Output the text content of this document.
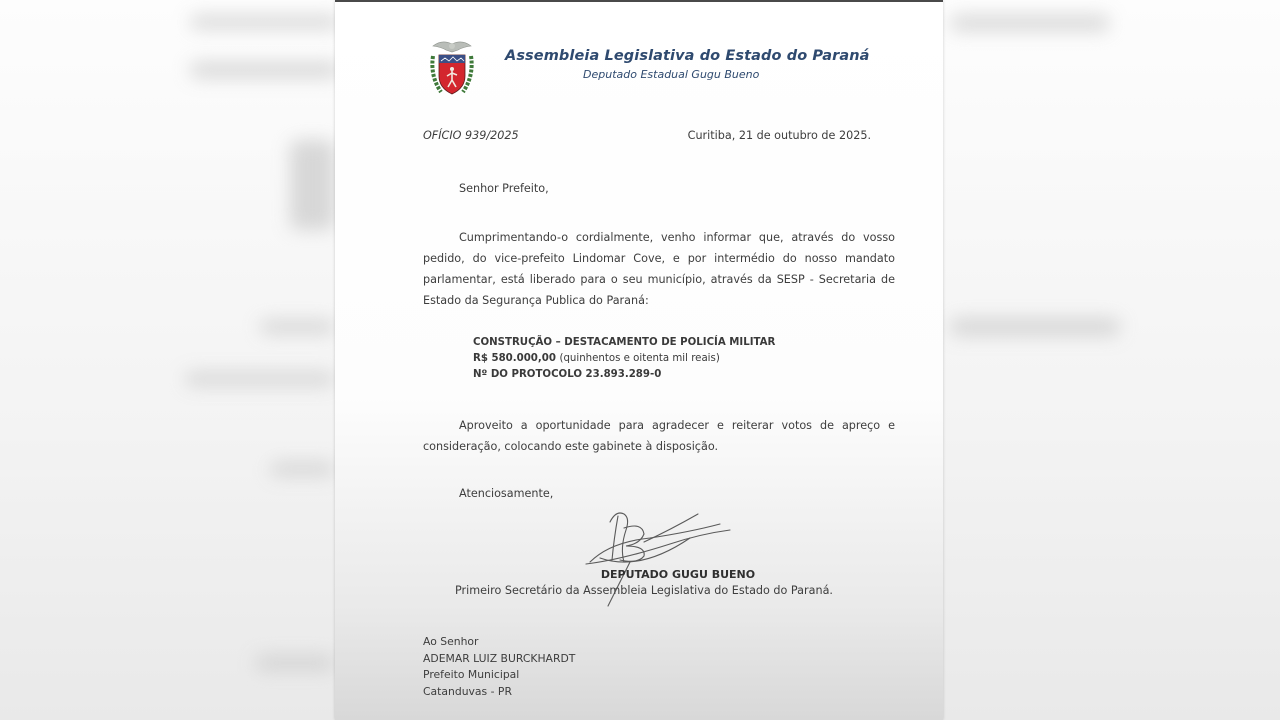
Assembleia Legislativa do Estado do Paraná
Deputado Estadual Gugu Bueno
OFÍCIO 939/2025	Curitiba, 21 de outubro de 2025.
Senhor Prefeito,

Cumprimentando-o cordialmente, venho informar que, através do vosso pedido, do vice-prefeito Lindomar Cove, e por intermédio do nosso mandato parlamentar, está liberado para o seu município, através da SESP - Secretaria de Estado da Segurança Publica do Paraná:

CONSTRUÇÃO – DESTACAMENTO DE POLICÍA MILITAR
R$ 580.000,00 (quinhentos e oitenta mil reais)
Nº DO PROTOCOLO 23.893.289-0

Aproveito a oportunidade para agradecer e reiterar votos de apreço e consideração, colocando este gabinete à disposição.

Atenciosamente,
DEPUTADO GUGU BUENO
Primeiro Secretário da Assembleia Legislativa do Estado do Paraná.
Ao Senhor
ADEMAR LUIZ BURCKHARDT
Prefeito Municipal
Catanduvas - PR
